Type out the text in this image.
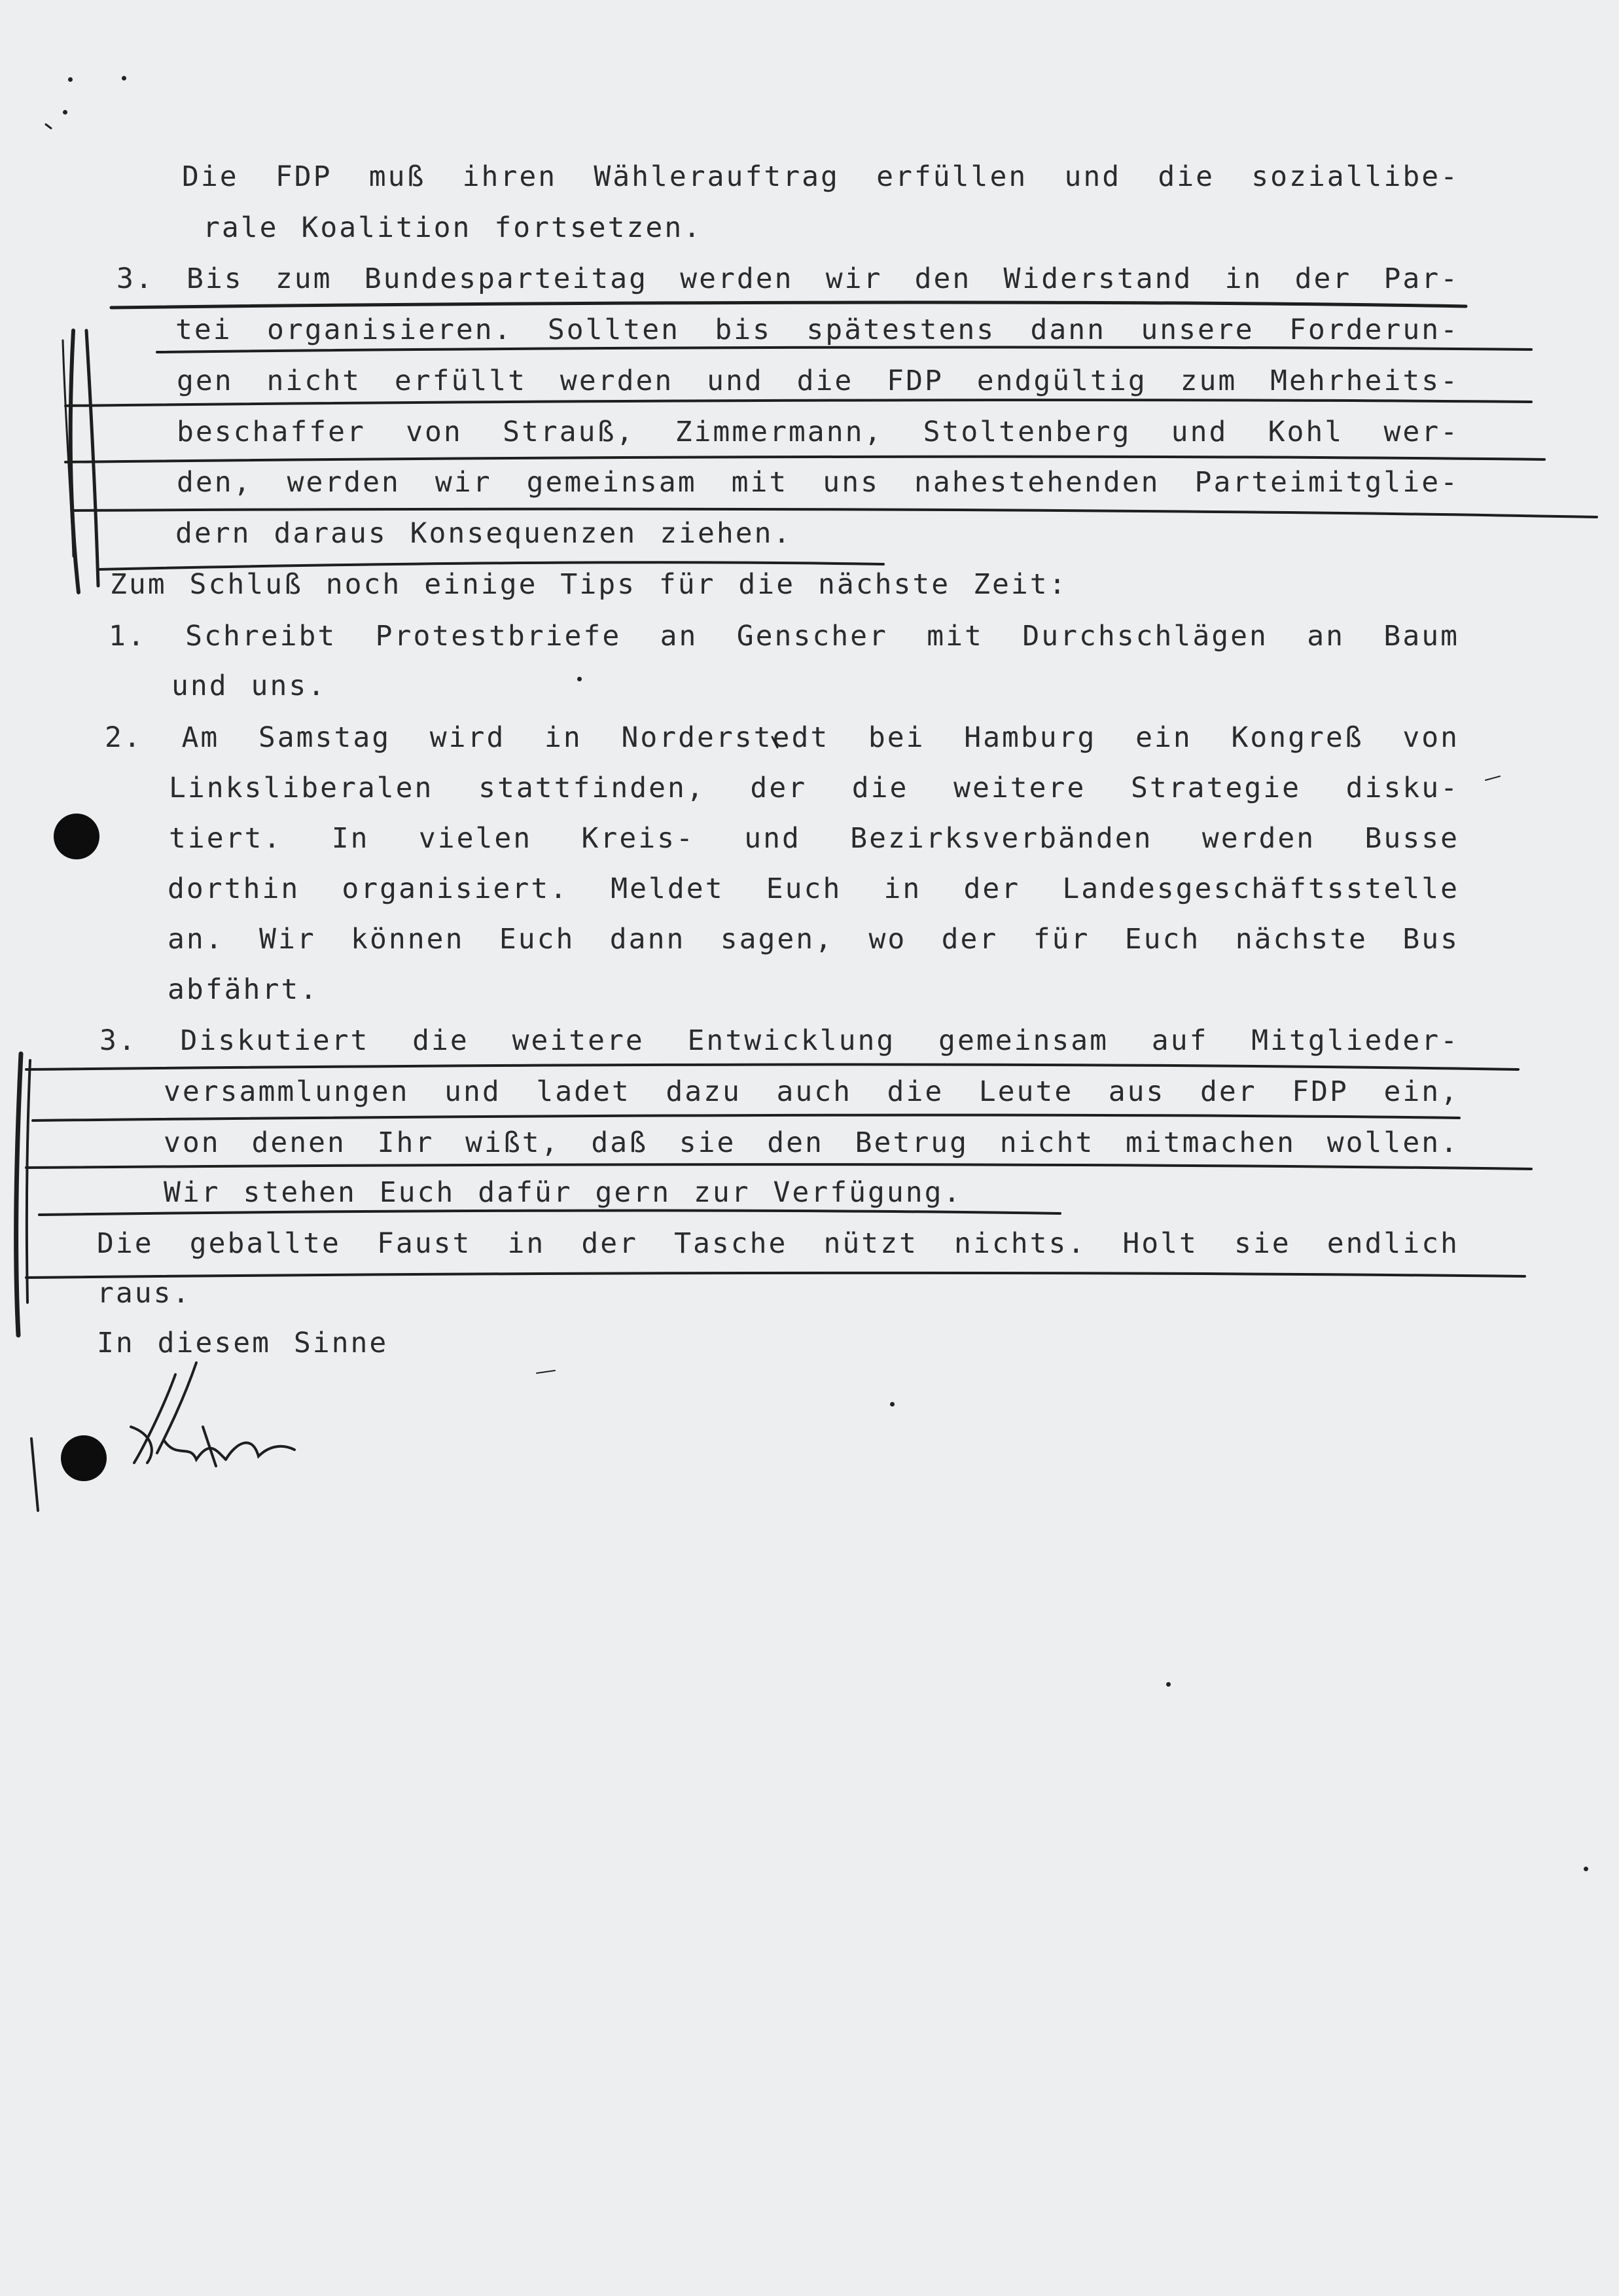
Die FDP muß ihren Wählerauftrag erfüllen und die soziallibe-
rale Koalition fortsetzen.
3. Bis zum Bundesparteitag werden wir den Widerstand in der Par-
tei organisieren. Sollten bis spätestens dann unsere Forderun-
gen nicht erfüllt werden und die FDP endgültig zum Mehrheits-
beschaffer von Strauß, Zimmermann, Stoltenberg und Kohl wer-
den, werden wir gemeinsam mit uns nahestehenden Parteimitglie-
dern daraus Konsequenzen ziehen.
Zum Schluß noch einige Tips für die nächste Zeit:
1. Schreibt Protestbriefe an Genscher mit Durchschlägen an Baum
und uns.
2. Am Samstag wird in Norderstedt bei Hamburg ein Kongreß von
Linksliberalen stattfinden, der die weitere Strategie disku-
tiert. In vielen Kreis- und Bezirksverbänden werden Busse
dorthin organisiert. Meldet Euch in der Landesgeschäftsstelle
an. Wir können Euch dann sagen, wo der für Euch nächste Bus
abfährt.
3. Diskutiert die weitere Entwicklung gemeinsam auf Mitglieder-
versammlungen und ladet dazu auch die Leute aus der FDP ein,
von denen Ihr wißt, daß sie den Betrug nicht mitmachen wollen.
Wir stehen Euch dafür gern zur Verfügung.
Die geballte Faust in der Tasche nützt nichts. Holt sie endlich
raus.
In diesem Sinne
